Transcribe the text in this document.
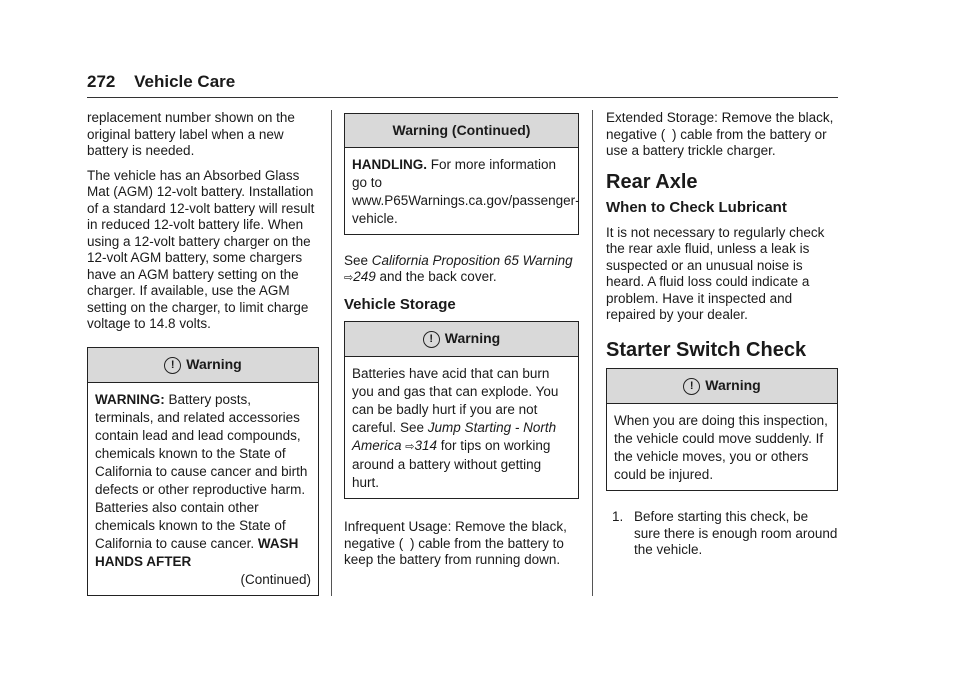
272 Vehicle Care

replacement number shown on the original battery label when a new battery is needed.

The vehicle has an Absorbed Glass Mat (AGM) 12-volt battery. Installation of a standard 12-volt battery will result in reduced 12-volt battery life. When using a 12-volt battery charger on the 12-volt AGM battery, some chargers have an AGM battery setting on the charger. If available, use the AGM setting on the charger, to limit charge voltage to 14.8 volts.

! Warning
WARNING: Battery posts, terminals, and related accessories contain lead and lead compounds, chemicals known to the State of California to cause cancer and birth defects or other reproductive harm. Batteries also contain other chemicals known to the State of California to cause cancer. WASH HANDS AFTER
(Continued)
Warning (Continued)
HANDLING. For more information go to www.P65Warnings.ca.gov/passenger-vehicle.

See California Proposition 65 Warning ⇨249 and the back cover.

Vehicle Storage
! Warning
Batteries have acid that can burn you and gas that can explode. You can be badly hurt if you are not careful. See Jump Starting - North America ⇨314 for tips on working around a battery without getting hurt.

Infrequent Usage: Remove the black, negative ( ) cable from the battery to keep the battery from running down.

Extended Storage: Remove the black, negative ( ) cable from the battery or use a battery trickle charger.

Rear Axle
When to Check Lubricant

It is not necessary to regularly check the rear axle fluid, unless a leak is suspected or an unusual noise is heard. A fluid loss could indicate a problem. Have it inspected and repaired by your dealer.

Starter Switch Check
! Warning
When you are doing this inspection, the vehicle could move suddenly. If the vehicle moves, you or others could be injured.
1. Before starting this check, be sure there is enough room around the vehicle.
